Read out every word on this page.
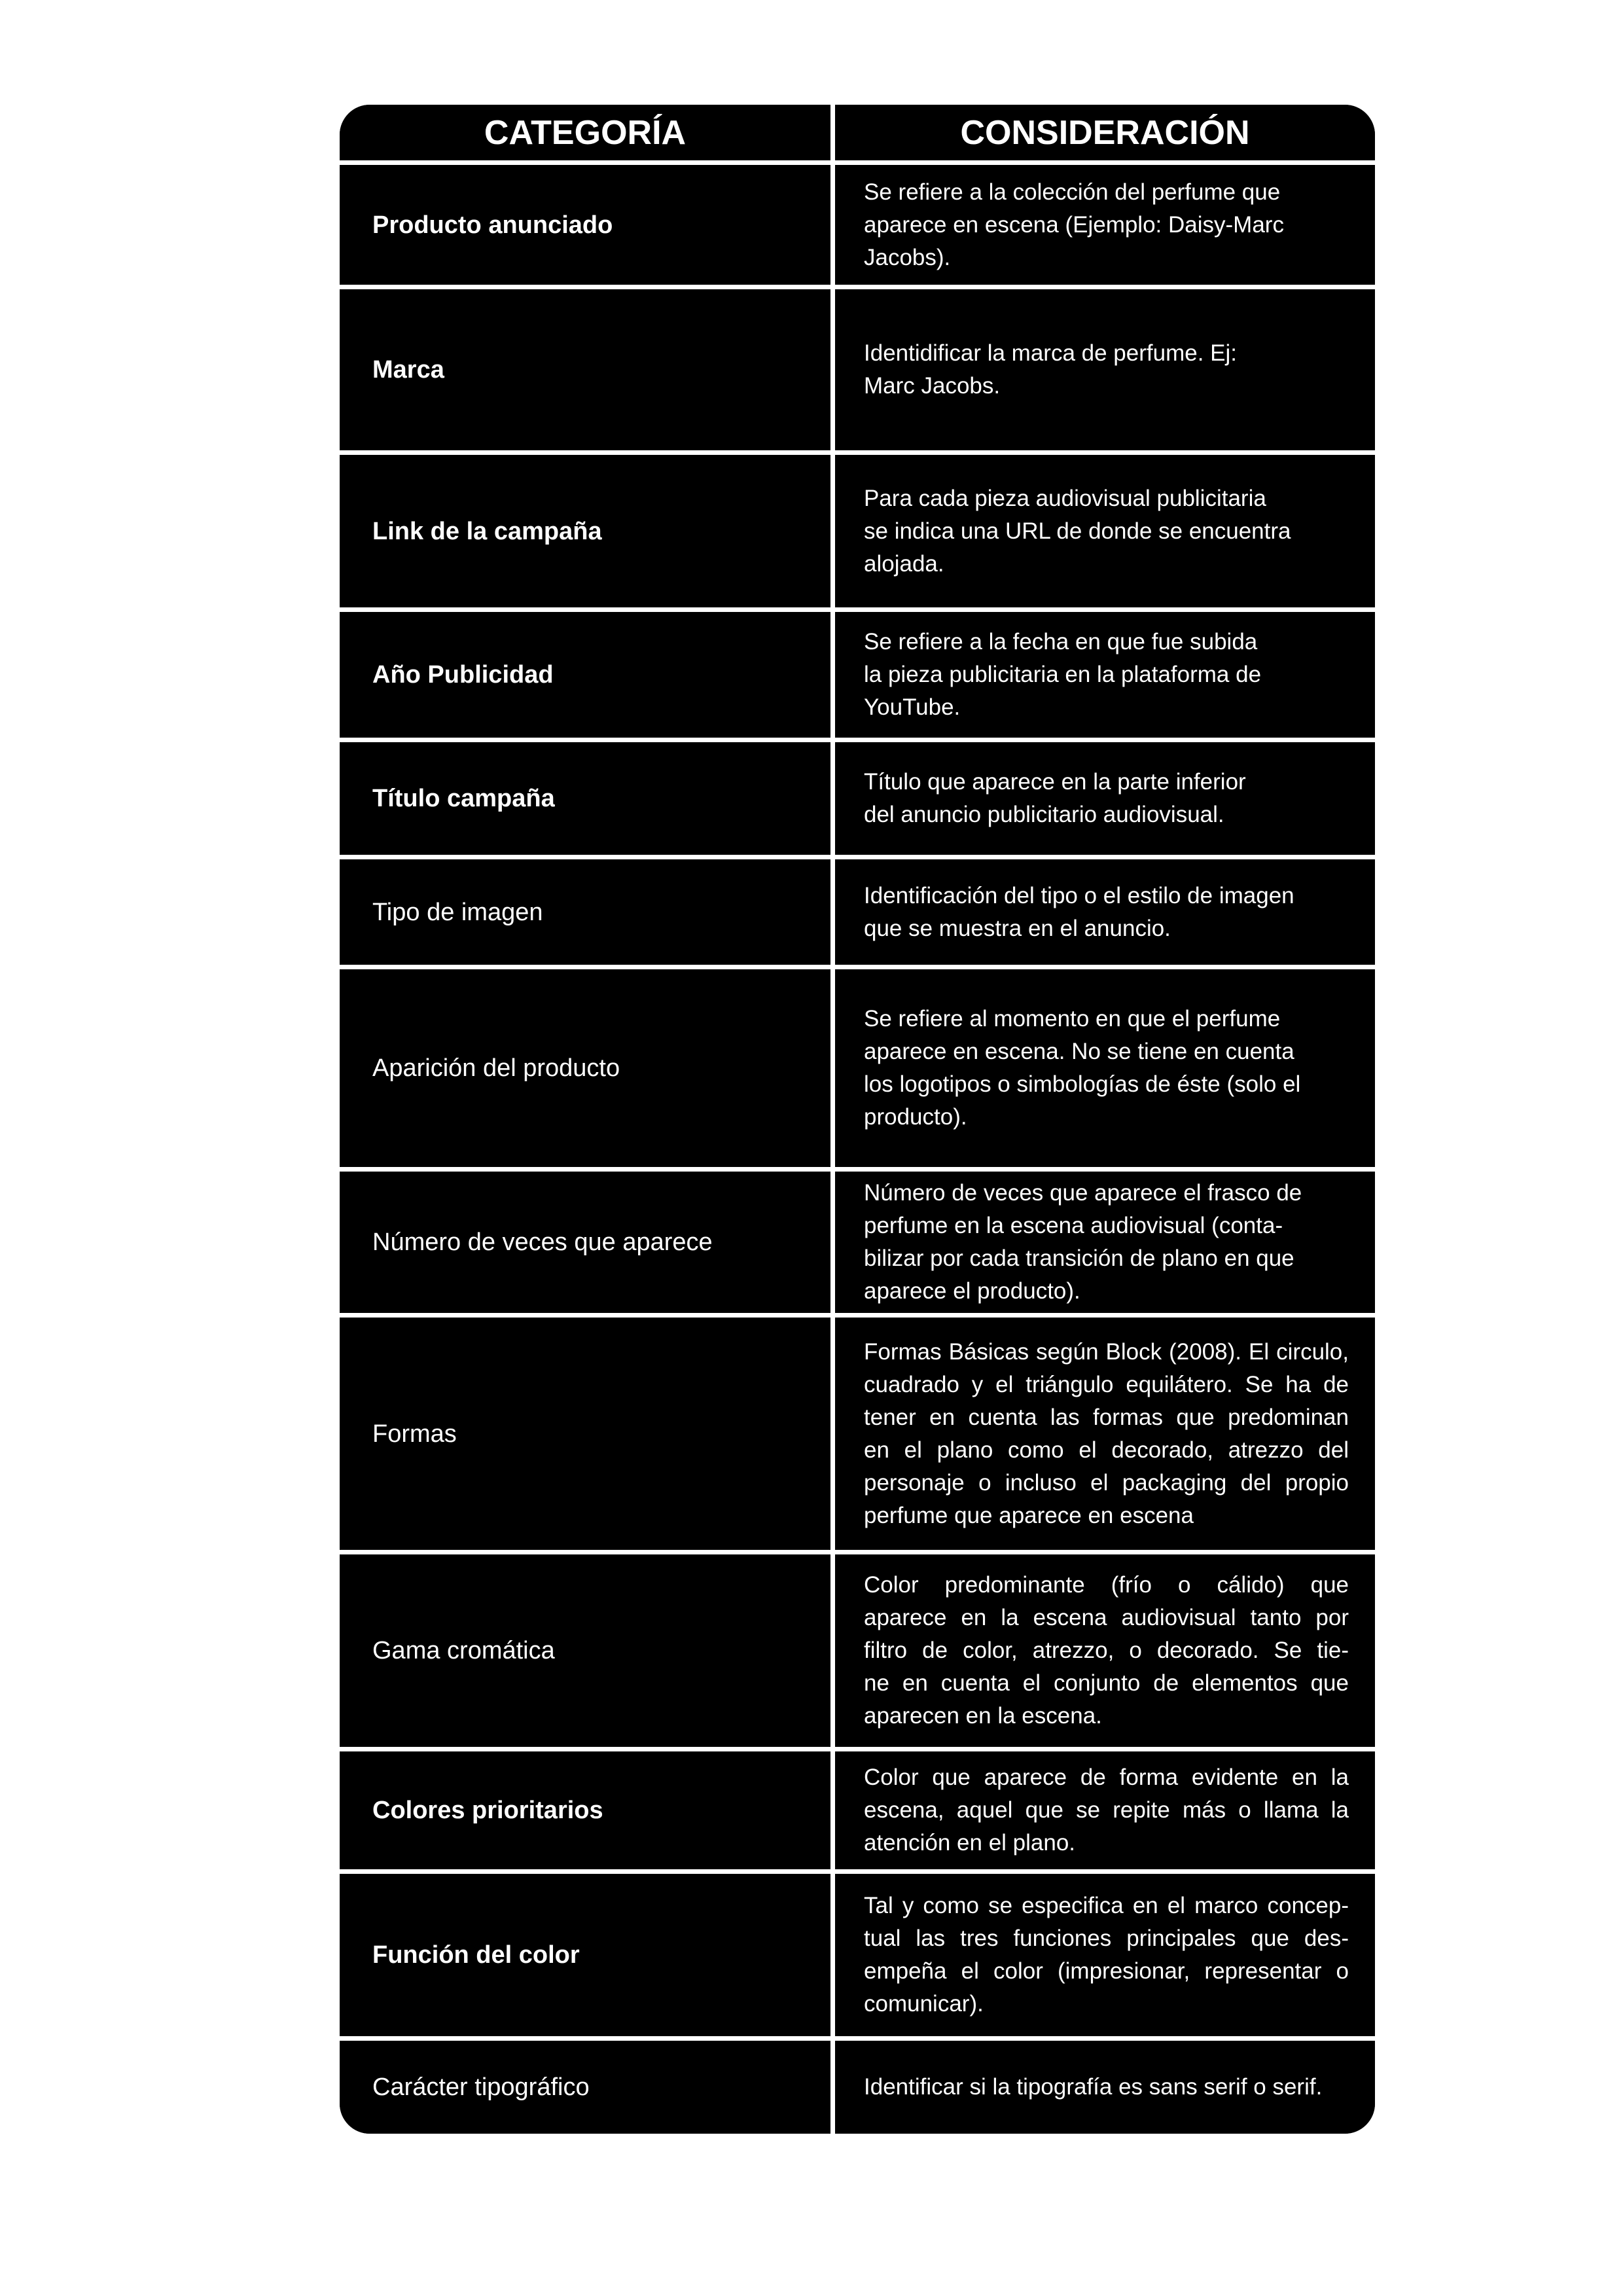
CATEGORÍA	CONSIDERACIÓN
Producto anunciado
Se refiere a la colección del perfume que
aparece en escena (Ejemplo: Daisy-Marc
Jacobs).
Marca
Identidificar la marca de perfume. Ej:
Marc Jacobs.
Link de la campaña
Para cada pieza audiovisual publicitaria
se indica una URL de donde se encuentra
alojada.
Año Publicidad
Se refiere a la fecha en que fue subida
la pieza publicitaria en la plataforma de
YouTube.
Título campaña
Título que aparece en la parte inferior
del anuncio publicitario audiovisual.
Tipo de imagen
Identificación del tipo o el estilo de imagen
que se muestra en el anuncio.
Aparición del producto
Se refiere al momento en que el perfume
aparece en escena. No se tiene en cuenta
los logotipos o simbologías de éste (solo el
producto).
Número de veces que aparece
Número de veces que aparece el frasco de
perfume en la escena audiovisual (conta-
bilizar por cada transición de plano en que
aparece el producto).
Formas
Formas Básicas según Block (2008). El circulo,
cuadrado y el triángulo equilátero. Se ha de
tener en cuenta las formas que predominan
en el plano como el decorado, atrezzo del
personaje o incluso el packaging del propio
perfume que aparece en escena
Gama cromática
Color predominante (frío o cálido) que
aparece en la escena audiovisual tanto por
filtro de color, atrezzo, o decorado. Se tie-
ne en cuenta el conjunto de elementos que
aparecen en la escena.
Colores prioritarios
Color que aparece de forma evidente en la
escena, aquel que se repite más o llama la
atención en el plano.
Función del color
Tal y como se especifica en el marco concep-
tual las tres funciones principales que des-
empeña el color (impresionar, representar o
comunicar).
Carácter tipográfico	Identificar si la tipografía es sans serif o serif.
